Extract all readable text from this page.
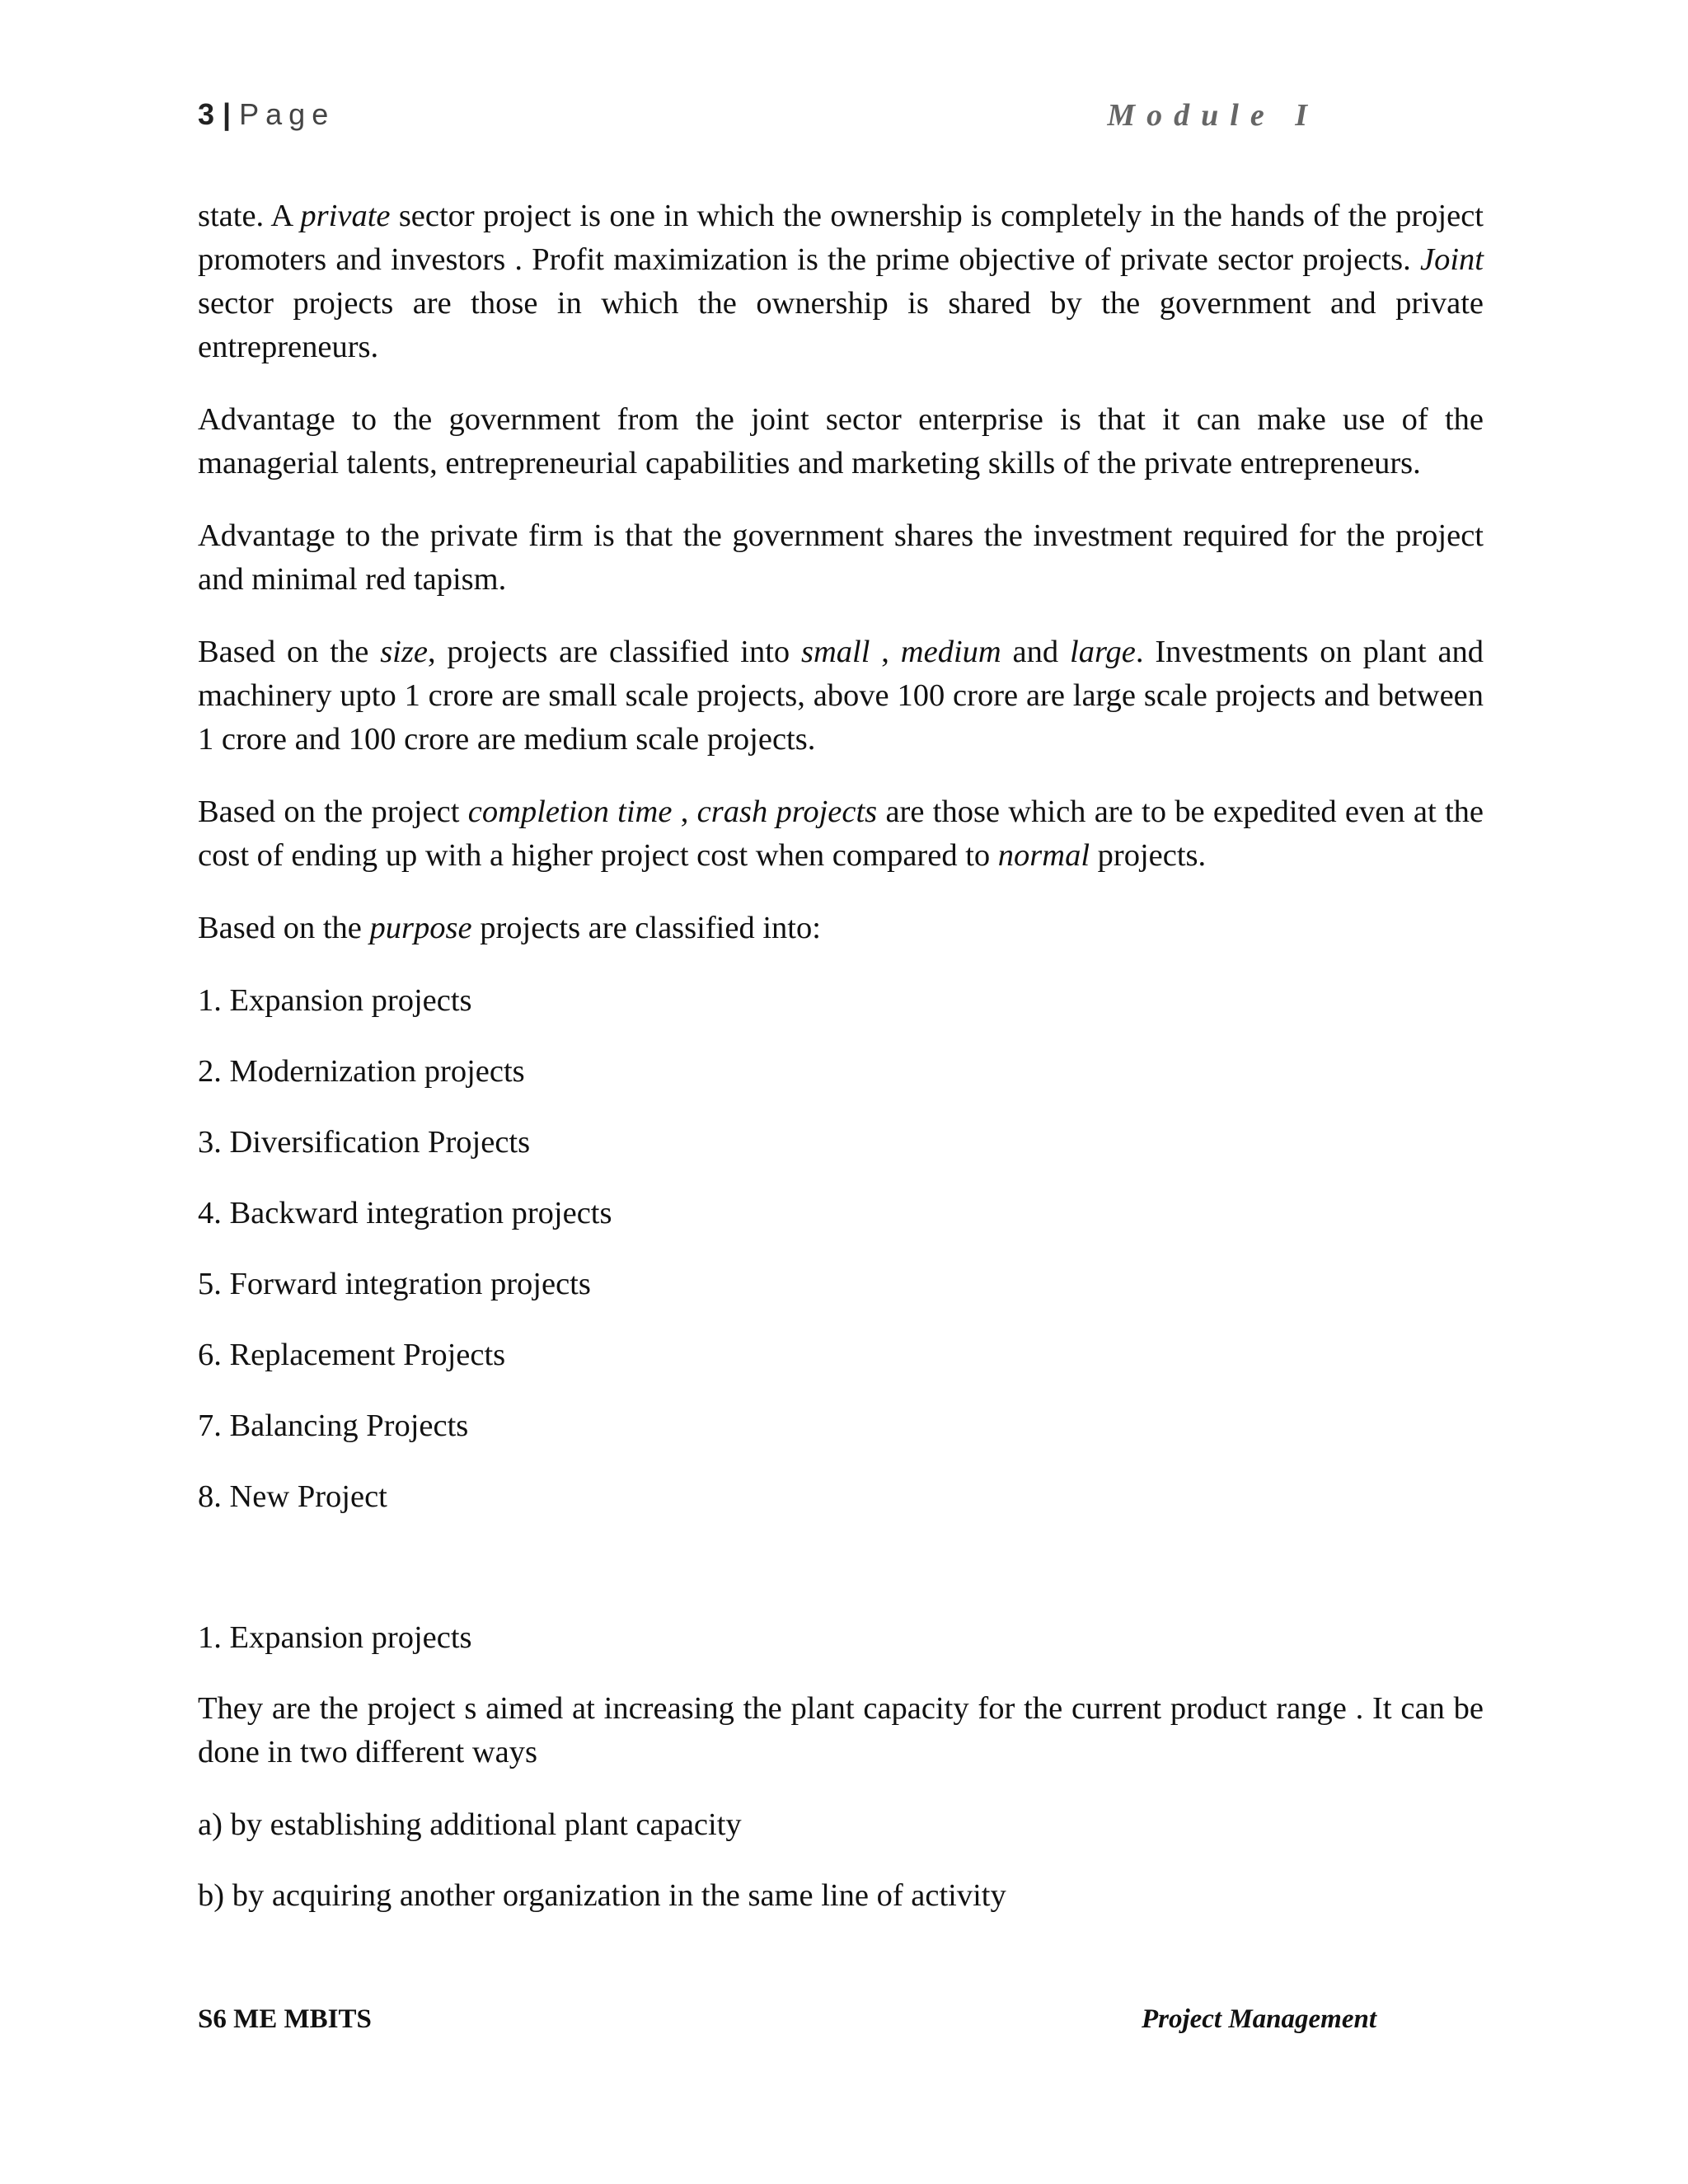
3 | Page	Module I

state. A private sector project is one in which the ownership is completely in the hands of the project promoters and investors . Profit maximization is the prime objective of private sector projects. Joint sector projects are those in which the ownership is shared by the government and private entrepreneurs.

Advantage to the government from the joint sector enterprise is that it can make use of the managerial talents, entrepreneurial capabilities and marketing skills of the private entrepreneurs.

Advantage to the private firm is that the government shares the investment required for the project and minimal red tapism.

Based on the size, projects are classified into small , medium and large. Investments on plant and machinery upto 1 crore are small scale projects, above 100 crore are large scale projects and between 1 crore and 100 crore are medium scale projects.

Based on the project completion time , crash projects are those which are to be expedited even at the cost of ending up with a higher project cost when compared to normal projects.

Based on the purpose projects are classified into:

1. Expansion projects

2. Modernization projects

3. Diversification Projects

4. Backward integration projects

5. Forward integration projects

6. Replacement Projects

7. Balancing Projects

8. New Project

1. Expansion projects

They are the project s aimed at increasing the plant capacity for the current product range . It can be done in two different ways

a) by establishing additional plant capacity

b) by acquiring another organization in the same line of activity

S6 ME MBITS	Project Management
